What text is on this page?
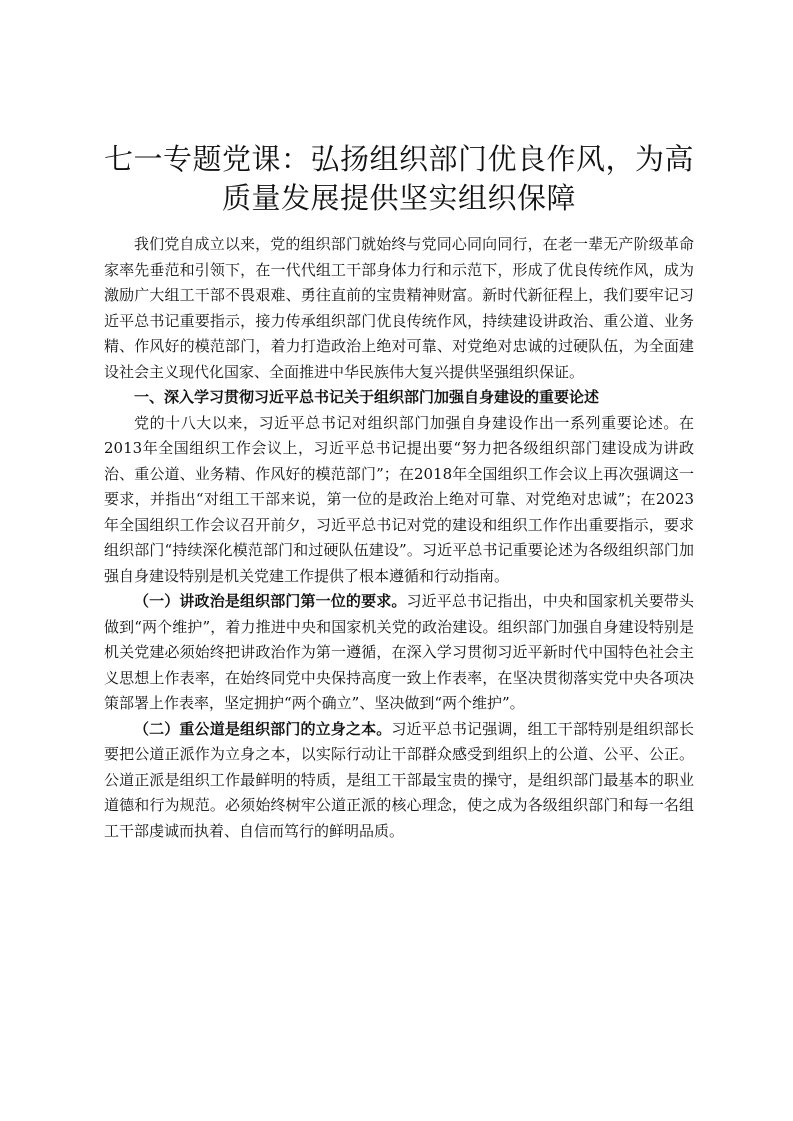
七一专题党课：弘扬组织部门优良作风，为高质量发展提供坚实组织保障

我们党自成立以来，党的组织部门就始终与党同心同向同行，在老一辈无产阶级革命家率先垂范和引领下，在一代代组工干部身体力行和示范下，形成了优良传统作风，成为激励广大组工干部不畏艰难、勇往直前的宝贵精神财富。新时代新征程上，我们要牢记习近平总书记重要指示，接力传承组织部门优良传统作风，持续建设讲政治、重公道、业务精、作风好的模范部门，着力打造政治上绝对可靠、对党绝对忠诚的过硬队伍，为全面建设社会主义现代化国家、全面推进中华民族伟大复兴提供坚强组织保证。

一、深入学习贯彻习近平总书记关于组织部门加强自身建设的重要论述

党的十八大以来，习近平总书记对组织部门加强自身建设作出一系列重要论述。在2013年全国组织工作会议上，习近平总书记提出要“努力把各级组织部门建设成为讲政治、重公道、业务精、作风好的模范部门”；在2018年全国组织工作会议上再次强调这一要求，并指出“对组工干部来说，第一位的是政治上绝对可靠、对党绝对忠诚”；在2023年全国组织工作会议召开前夕，习近平总书记对党的建设和组织工作作出重要指示，要求组织部门“持续深化模范部门和过硬队伍建设”。习近平总书记重要论述为各级组织部门加强自身建设特别是机关党建工作提供了根本遵循和行动指南。

（一）讲政治是组织部门第一位的要求。习近平总书记指出，中央和国家机关要带头做到“两个维护”，着力推进中央和国家机关党的政治建设。组织部门加强自身建设特别是机关党建必须始终把讲政治作为第一遵循，在深入学习贯彻习近平新时代中国特色社会主义思想上作表率，在始终同党中央保持高度一致上作表率，在坚决贯彻落实党中央各项决策部署上作表率，坚定拥护“两个确立”、坚决做到“两个维护”。

（二）重公道是组织部门的立身之本。习近平总书记强调，组工干部特别是组织部长要把公道正派作为立身之本，以实际行动让干部群众感受到组织上的公道、公平、公正。公道正派是组织工作最鲜明的特质，是组工干部最宝贵的操守，是组织部门最基本的职业道德和行为规范。必须始终树牢公道正派的核心理念，使之成为各级组织部门和每一名组工干部虔诚而执着、自信而笃行的鲜明品质。
